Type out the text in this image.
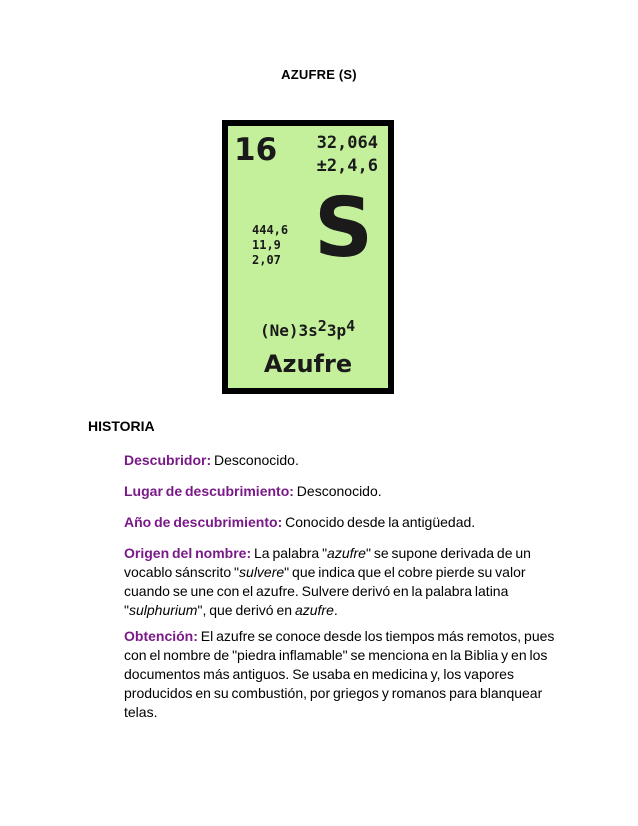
AZUFRE (S)
16 32,064
±2,4,6
444,6
11,9
2,07 S
$(Ne)3s^23p^4$
Azufre
HISTORIA
Descubridor: Desconocido.
Lugar de descubrimiento: Desconocido.
Año de descubrimiento: Conocido desde la antigüedad.
Origen del nombre: La palabra "azufre" se supone derivada de un vocablo sánscrito "sulvere" que indica que el cobre pierde su valor cuando se une con el azufre. Sulvere derivó en la palabra latina "sulphurium", que derivó en azufre.
Obtención: El azufre se conoce desde los tiempos más remotos, pues con el nombre de "piedra inflamable" se menciona en la Biblia y en los documentos más antiguos. Se usaba en medicina y, los vapores producidos en su combustión, por griegos y romanos para blanquear telas.
